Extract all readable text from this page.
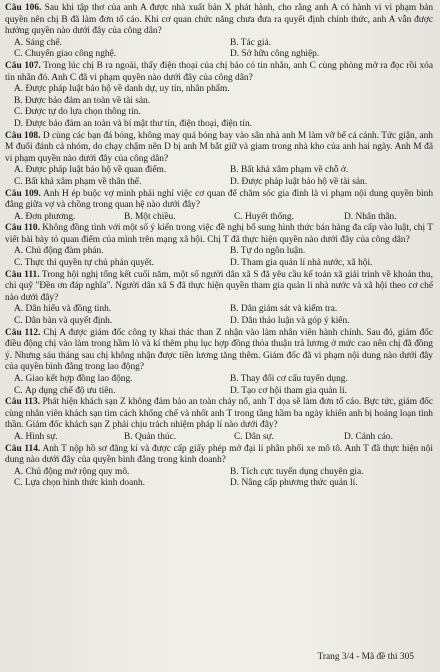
Câu 106. Sau khi tập thơ của anh A được nhà xuất bản X phát hành, cho rằng anh A có hành vi vi phạm bản quyền nên chị B đã làm đơn tố cáo. Khi cơ quan chức năng chưa đưa ra quyết định chính thức, anh A vẫn được hưởng quyền nào dưới đây của công dân?

A. Sáng chế.	B. Tác giả.
C. Chuyển giao công nghệ.	D. Sở hữu công nghiệp.

Câu 107. Trong lúc chị B ra ngoài, thấy điện thoại của chị báo có tin nhắn, anh C cùng phòng mở ra đọc rồi xóa tin nhắn đó. Anh C đã vi phạm quyền nào dưới đây của công dân?

A. Được pháp luật bảo hộ về danh dự, uy tín, nhân phẩm.
B. Được bảo đảm an toàn về tài sản.
C. Được tự do lựa chọn thông tin.
D. Được bảo đảm an toàn và bí mật thư tín, điện thoại, điện tín.

Câu 108. D cùng các bạn đá bóng, không may quả bóng bay vào sân nhà anh M làm vỡ bể cá cảnh. Tức giận, anh M đuổi đánh cả nhóm, do chạy chậm nên D bị anh M bắt giữ và giam trong nhà kho của anh hai ngày. Anh M đã vi phạm quyền nào dưới đây của công dân?

A. Được pháp luật bảo hộ về quan điểm.	B. Bất khả xâm phạm về chỗ ở.
C. Bất khả xâm phạm về thân thể.	D. Được pháp luật bảo hộ về tài sản.

Câu 109. Anh H ép buộc vợ mình phải nghỉ việc cơ quan để chăm sóc gia đình là vi phạm nội dung quyền bình đẳng giữa vợ và chồng trong quan hệ nào dưới đây?

A. Đơn phương.	B. Một chiều.	C. Huyết thống.	D. Nhân thân.

Câu 110. Không đồng tình với một số ý kiến trong việc đề nghị bổ sung hình thức bán hàng đa cấp vào luật, chị T viết bài bày tỏ quan điểm của mình trên mạng xã hội. Chị T đã thực hiện quyền nào dưới đây của công dân?

A. Chủ động đàm phán.	B. Tự do ngôn luận.
C. Thực thi quyền tự chủ phán quyết.	D. Tham gia quản lí nhà nước, xã hội.

Câu 111. Trong hội nghị tổng kết cuối năm, một số người dân xã S đã yêu cầu kế toán xã giải trình về khoản thu, chi quỹ "Đền ơn đáp nghĩa". Người dân xã S đã thực hiện quyền tham gia quản lí nhà nước và xã hội theo cơ chế nào dưới đây?

A. Dân hiểu và đồng tình.	B. Dân giám sát và kiểm tra.
C. Dân bàn và quyết định.	D. Dân thảo luận và góp ý kiến.

Câu 112. Chị A được giám đốc công ty khai thác than Z nhận vào làm nhân viên hành chính. Sau đó, giám đốc điều động chị vào làm trong hầm lò và kí thêm phụ lục hợp đồng thỏa thuận trả lương ở mức cao nên chị đã đồng ý. Nhưng sáu tháng sau chị không nhận được tiền lương tăng thêm. Giám đốc đã vi phạm nội dung nào dưới đây của quyền bình đẳng trong lao động?

A. Giao kết hợp đồng lao động.	B. Thay đổi cơ cấu tuyển dụng.
C. Áp dụng chế độ ưu tiên.	D. Tạo cơ hội tham gia quản lí.

Câu 113. Phát hiện khách sạn Z không đảm bảo an toàn cháy nổ, anh T dọa sẽ làm đơn tố cáo. Bực tức, giám đốc cùng nhân viên khách sạn tìm cách khống chế và nhốt anh T trong tầng hầm ba ngày khiến anh bị hoảng loạn tinh thần. Giám đốc khách sạn Z phải chịu trách nhiệm pháp lí nào dưới đây?

A. Hình sự.	B. Quản thúc.	C. Dân sự.	D. Cảnh cáo.

Câu 114. Anh T nộp hồ sơ đăng kí và được cấp giấy phép mở đại lí phân phối xe mô tô. Anh T đã thực hiện nội dung nào dưới đây của quyền bình đẳng trong kinh doanh?

A. Chủ động mở rộng quy mô.	B. Tích cực tuyển dụng chuyên gia.
C. Lựa chọn hình thức kinh doanh.	D. Nâng cấp phương thức quản lí.
Trang 3/4 - Mã đề thi 305
